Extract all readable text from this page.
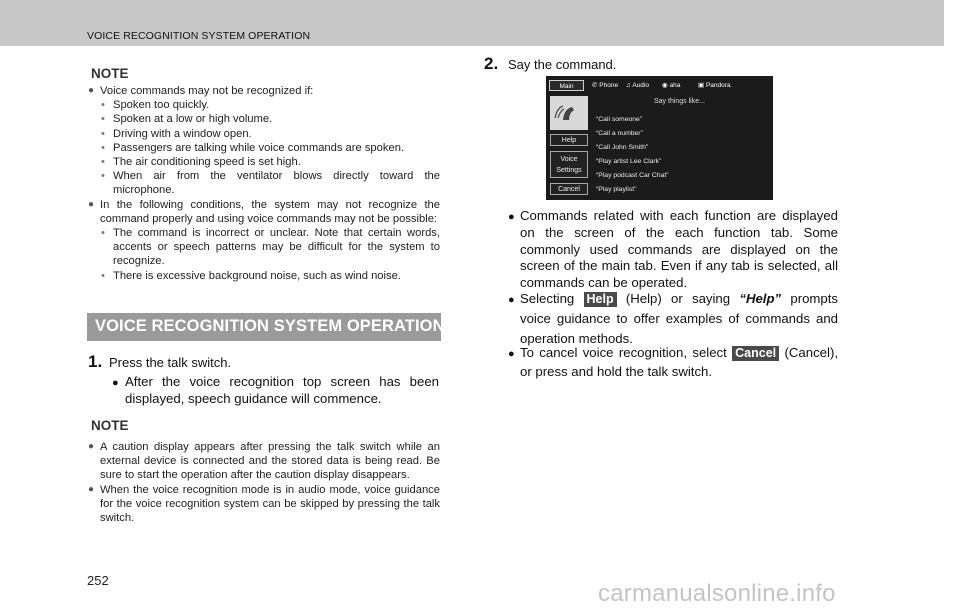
VOICE RECOGNITION SYSTEM OPERATION
NOTE
● Voice commands may not be recognized if:
• Spoken too quickly.
• Spoken at a low or high volume.
• Driving with a window open.
• Passengers are talking while voice commands are spoken.
• The air conditioning speed is set high.
• When air from the ventilator blows directly toward the microphone.
● In the following conditions, the system may not recognize the command properly and using voice commands may not be possible:
• The command is incorrect or unclear. Note that certain words, accents or speech patterns may be difficult for the system to recognize.
• There is excessive background noise, such as wind noise.
VOICE RECOGNITION SYSTEM OPERATION
1. Press the talk switch.
● After the voice recognition top screen has been displayed, speech guidance will commence.
NOTE
● A caution display appears after pressing the talk switch while an external device is connected and the stored data is being read. Be sure to start the operation after the caution display disappears.
● When the voice recognition mode is in audio mode, voice guidance for the voice recognition system can be skipped by pressing the talk switch.
2. Say the command.
Main	✆ Phone ♫ Audio ◉ aha	▣ Pandora
Help
Voice
Settings
Cancel
Say things like...
“Call someone”
“Call a number”
“Call John Smith”
“Play artist Lee Clark”
“Play podcast Car Chat”
“Play playlist”
● Commands related with each function are displayed on the screen of the each function tab. Some commonly used commands are displayed on the screen of the main tab. Even if any tab is selected, all commands can be operated.
● Selecting Help (Help) or saying “Help” prompts voice guidance to offer examples of commands and operation methods.
● To cancel voice recognition, select Cancel (Cancel), or press and hold the talk switch.
252	carmanualsonline.info
